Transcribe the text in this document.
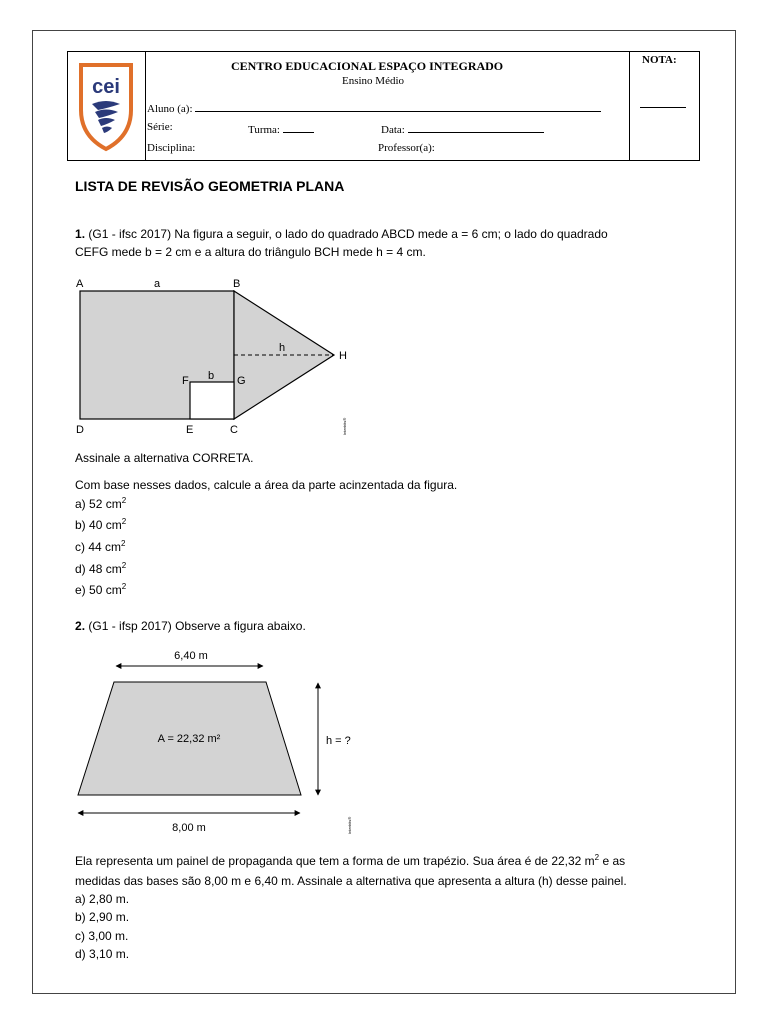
cei
NOTA:
CENTRO EDUCACIONAL ESPAÇO INTEGRADO
Ensino Médio
Aluno (a):
Série:	Turma:	Data:
Disciplina:	Professor(a):
LISTA DE REVISÃO GEOMETRIA PLANA
1. (G1 - ifsc 2017) Na figura a seguir, o lado do quadrado ABCD mede a = 6 cm; o lado do quadrado
CEFG mede b = 2 cm e a altura do triângulo BCH mede h = 4 cm.
A	B
a
H
h
F b G
D	E	C	Interbits®
Assinale a alternativa CORRETA.
Com base nesses dados, calcule a área da parte acinzentada da figura.
a) 52 $cm^2$
b) 40 $cm^2$
c) 44 $cm^2$
d) 48 $cm^2$
e) 50 $cm^2$
2. (G1 - ifsp 2017) Observe a figura abaixo.
6,40 m
A = 22,32 m²	h = ?
8,00 m	Interbits®
Ela representa um painel de propaganda que tem a forma de um trapézio. Sua área é de 22,32 $m^2$ e as
medidas das bases são 8,00 m e 6,40 m. Assinale a alternativa que apresenta a altura (h) desse painel.
a) 2,80 m.
b) 2,90 m.
c) 3,00 m.
d) 3,10 m.
